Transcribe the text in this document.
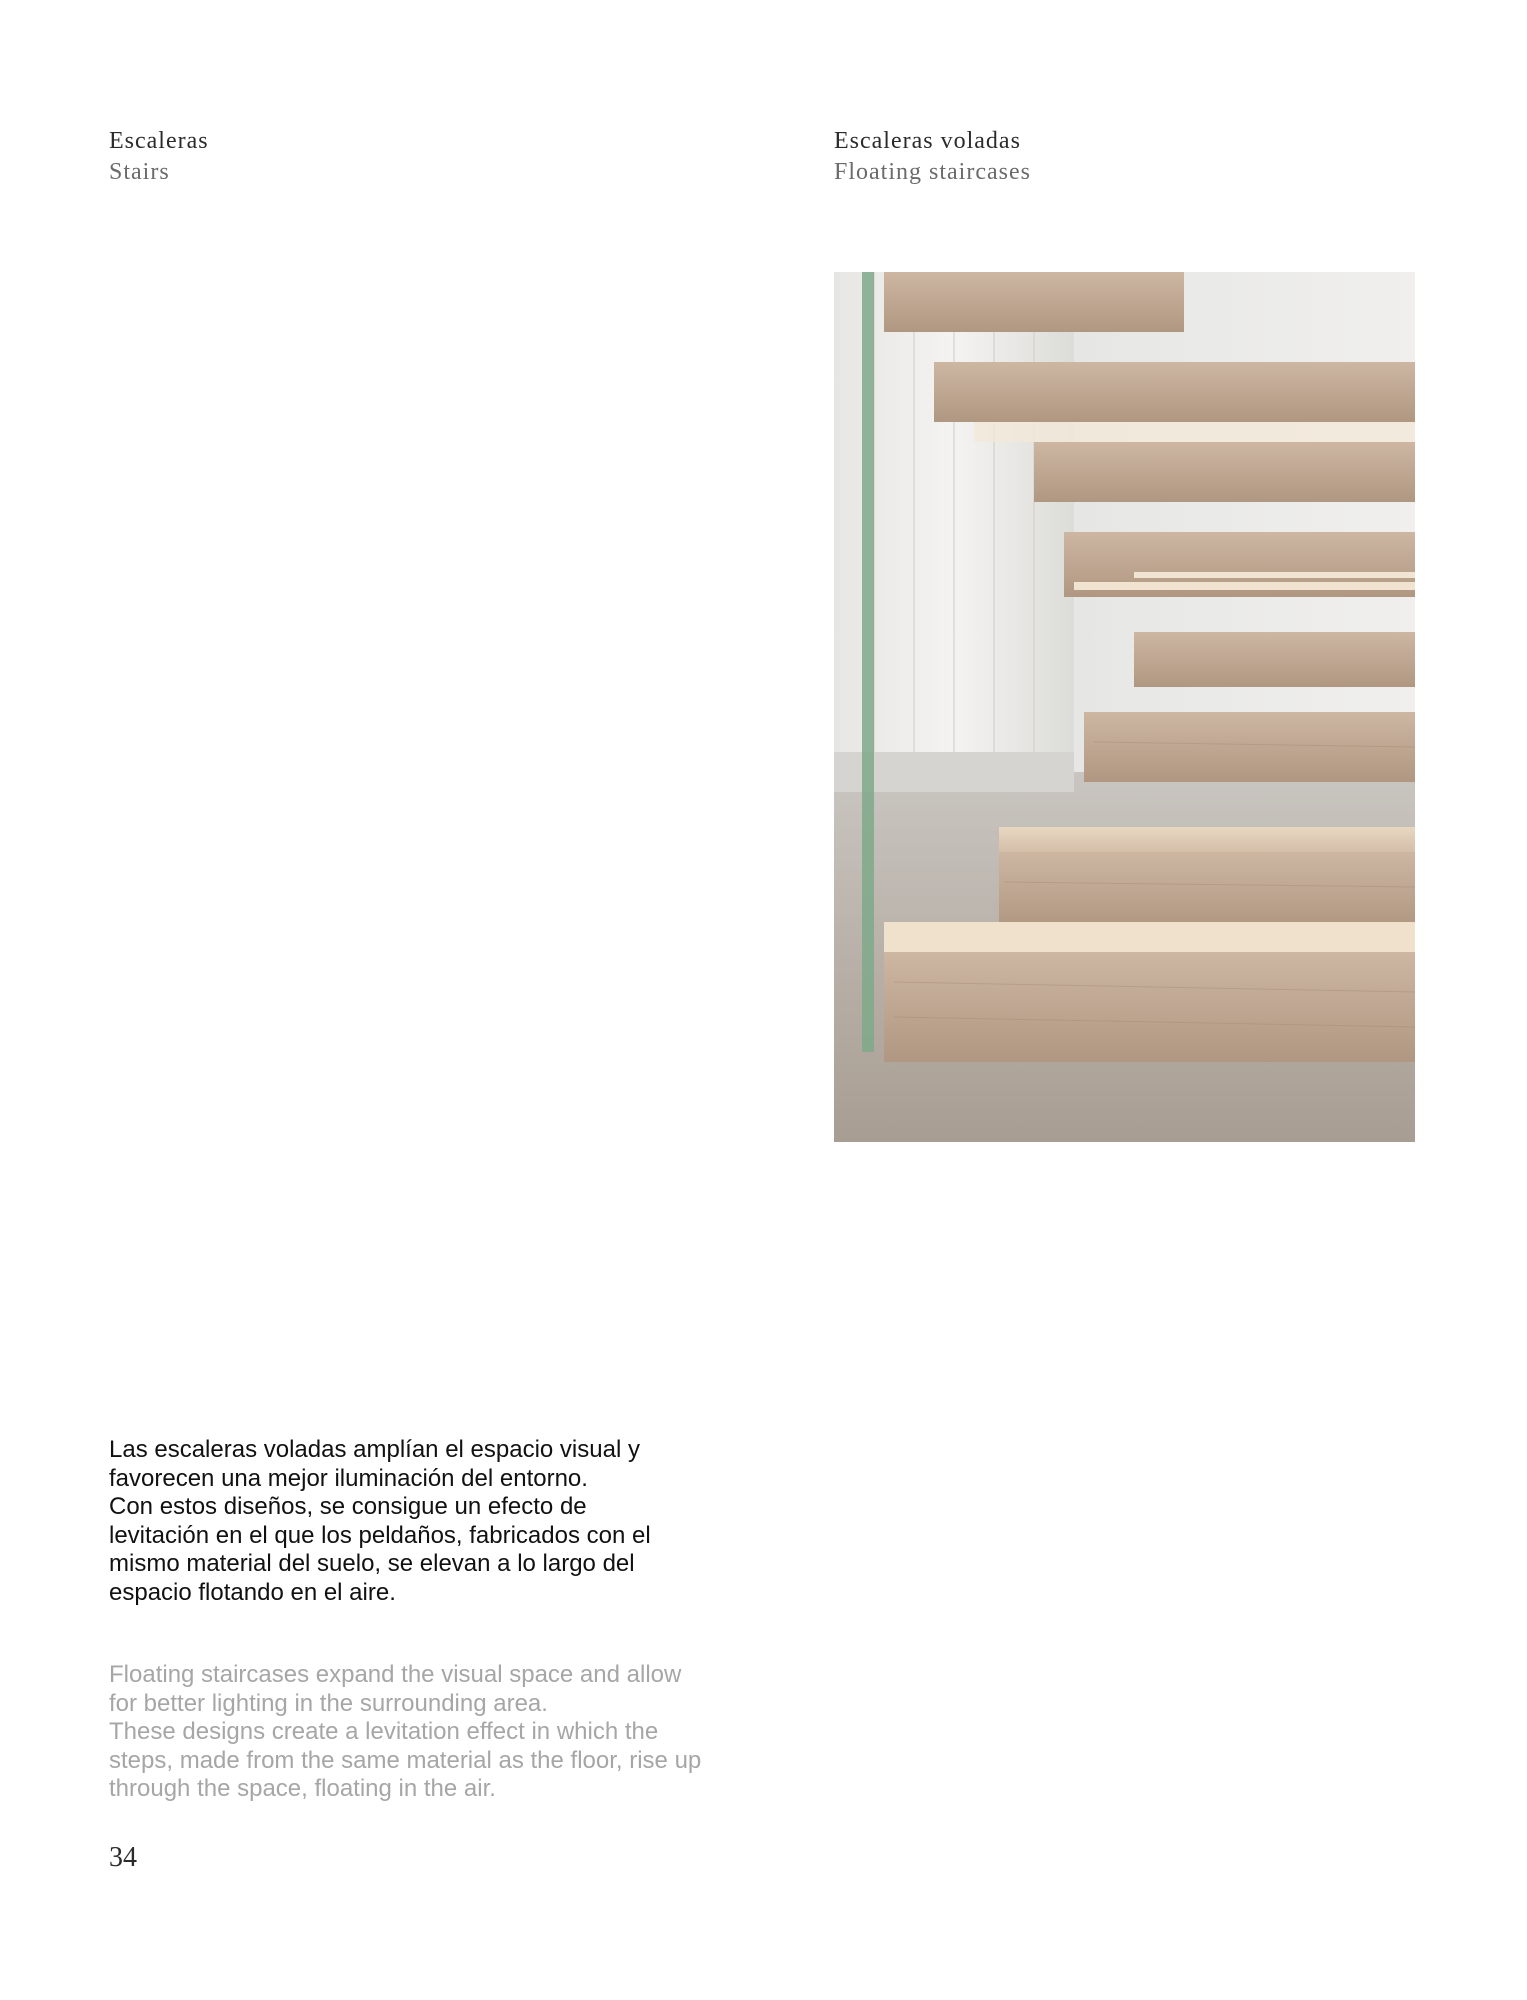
Escaleras
Stairs
Escaleras voladas
Floating staircases

Las escaleras voladas amplían el espacio visual y

favorecen una mejor iluminación del entorno.

Con estos diseños, se consigue un efecto de

levitación en el que los peldaños, fabricados con el

mismo material del suelo, se elevan a lo largo del

espacio flotando en el aire.

Floating staircases expand the visual space and allow

for better lighting in the surrounding area.

These designs create a levitation effect in which the

steps, made from the same material as the floor, rise up

through the space, floating in the air.

34
